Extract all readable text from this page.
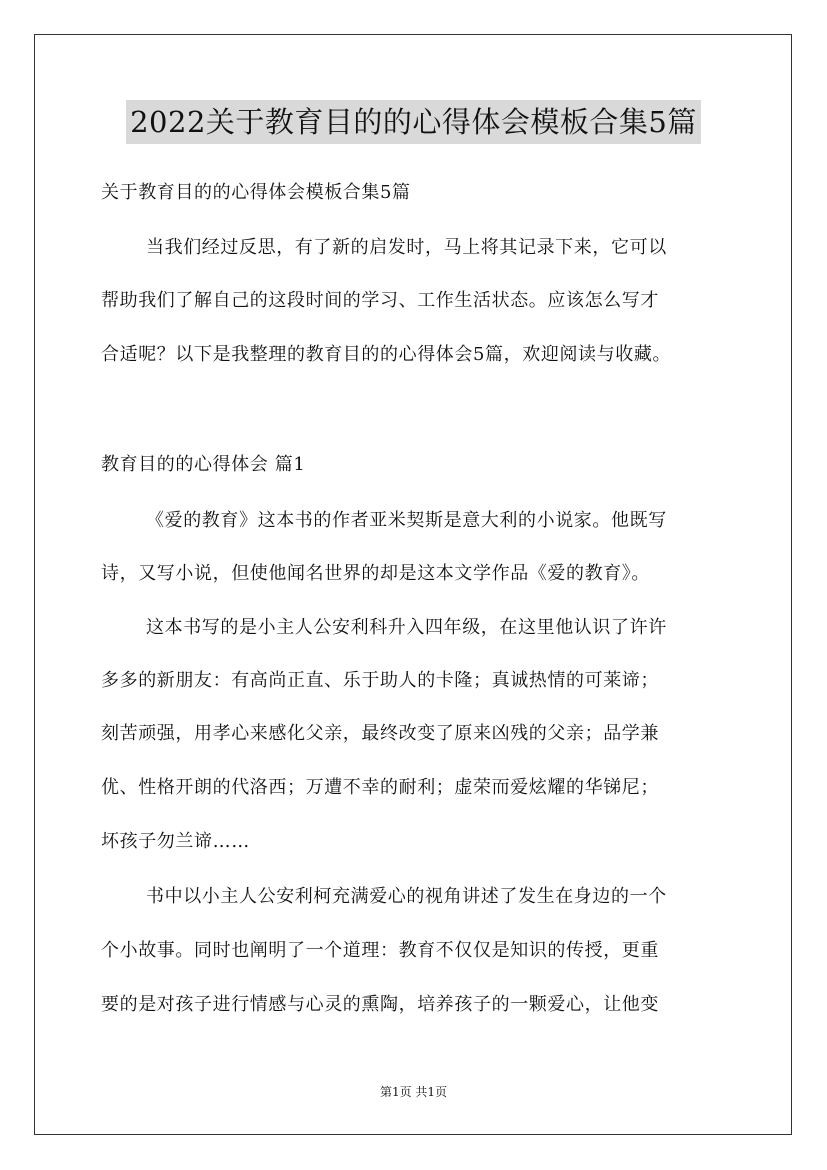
2022关于教育目的的心得体会模板合集5篇
关于教育目的的心得体会模板合集5篇
当我们经过反思，有了新的启发时，马上将其记录下来，它可以
帮助我们了解自己的这段时间的学习、工作生活状态。应该怎么写才
合适呢？以下是我整理的教育目的的心得体会5篇，欢迎阅读与收藏。
教育目的的心得体会 篇1
《爱的教育》这本书的作者亚米契斯是意大利的小说家。他既写
诗，又写小说，但使他闻名世界的却是这本文学作品《爱的教育》。
这本书写的是小主人公安利科升入四年级，在这里他认识了许许
多多的新朋友：有高尚正直、乐于助人的卡隆；真诚热情的可莱谛；
刻苦顽强，用孝心来感化父亲，最终改变了原来凶残的父亲；品学兼
优、性格开朗的代洛西；万遭不幸的耐利；虚荣而爱炫耀的华锑尼；
坏孩子勿兰谛……
书中以小主人公安利柯充满爱心的视角讲述了发生在身边的一个
个小故事。同时也阐明了一个道理：教育不仅仅是知识的传授，更重
要的是对孩子进行情感与心灵的熏陶，培养孩子的一颗爱心，让他变
第1页 共1页
